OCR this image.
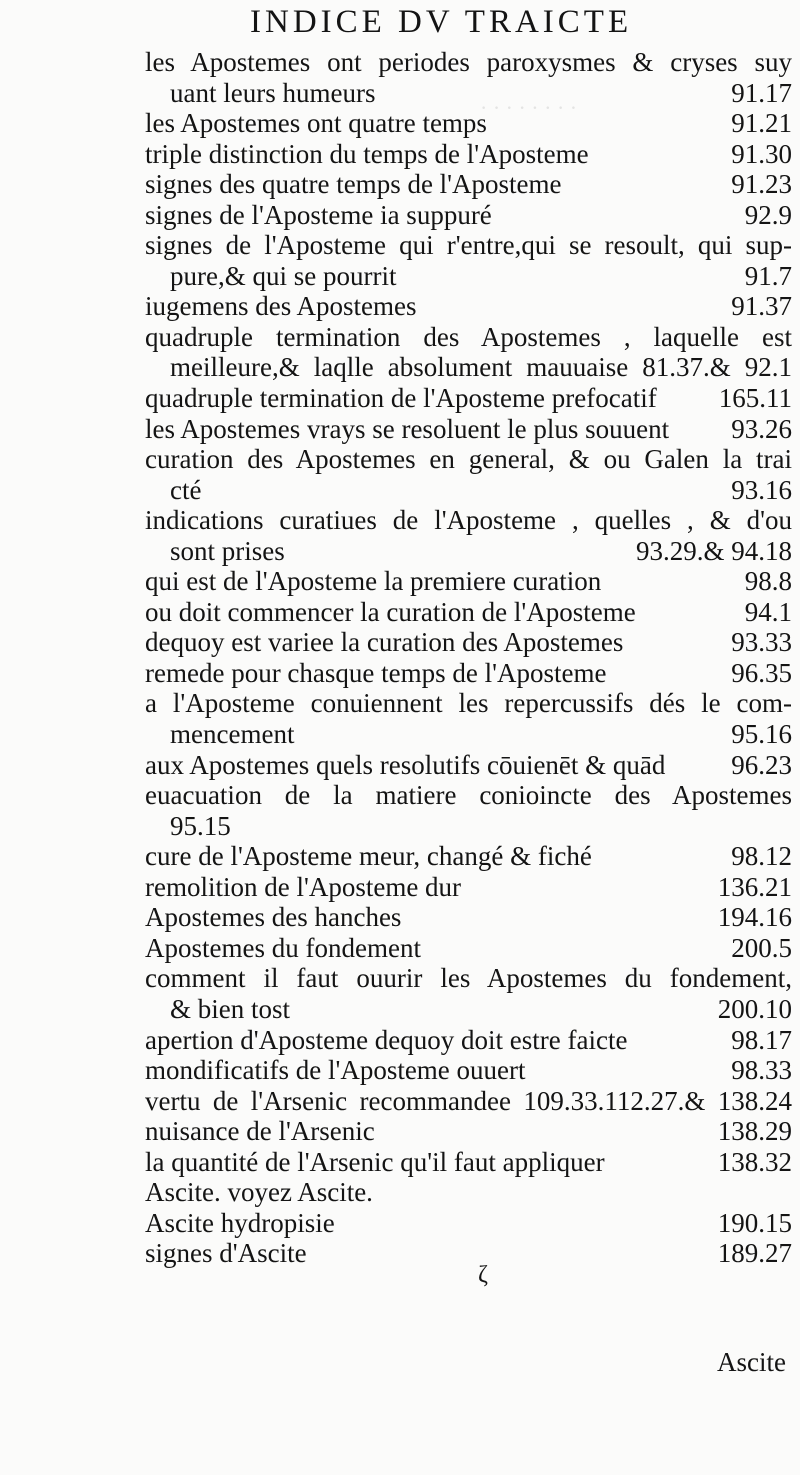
· · · · · · · ·
INDICE DV TRAICTE
les Apostemes ont periodes paroxysmes & cryses suy
uant leurs humeurs	91.17
les Apostemes ont quatre temps	91.21
triple distinction du temps de l'Aposteme	91.30
signes des quatre temps de l'Aposteme	91.23
signes de l'Aposteme ia suppuré	92.9
signes de l'Aposteme qui r'entre,qui se resoult, qui sup-
pure,& qui se pourrit	91.7
iugemens des Apostemes	91.37
quadruple termination des Apostemes , laquelle est
meilleure,& laqlle absolument mauuaise 81.37.& 92.1
quadruple termination de l'Aposteme prefocatif	165.11
les Apostemes vrays se resoluent le plus souuent	93.26
curation des Apostemes en general, & ou Galen la trai
cté	93.16
indications curatiues de l'Aposteme , quelles , & d'ou
sont prises	93.29.& 94.18
qui est de l'Aposteme la premiere curation	98.8
ou doit commencer la curation de l'Aposteme	94.1
dequoy est variee la curation des Apostemes	93.33
remede pour chasque temps de l'Aposteme	96.35
a l'Aposteme conuiennent les repercussifs dés le com-
mencement	95.16
aux Apostemes quels resolutifs cōuienēt & quād	96.23
euacuation de la matiere conioincte des Apostemes
95.15
cure de l'Aposteme meur, changé & fiché	98.12
remolition de l'Aposteme dur	136.21
Apostemes des hanches	194.16
Apostemes du fondement	200.5
comment il faut ouurir les Apostemes du fondement,
& bien tost	200.10
apertion d'Aposteme dequoy doit estre faicte	98.17
mondificatifs de l'Aposteme ouuert	98.33
vertu de l'Arsenic recommandee 109.33.112.27.& 138.24
nuisance de l'Arsenic	138.29
la quantité de l'Arsenic qu'il faut appliquer	138.32
Ascite. voyez Ascite.
Ascite hydropisie	190.15
signes d'Ascite	189.27
ζ
Ascite
